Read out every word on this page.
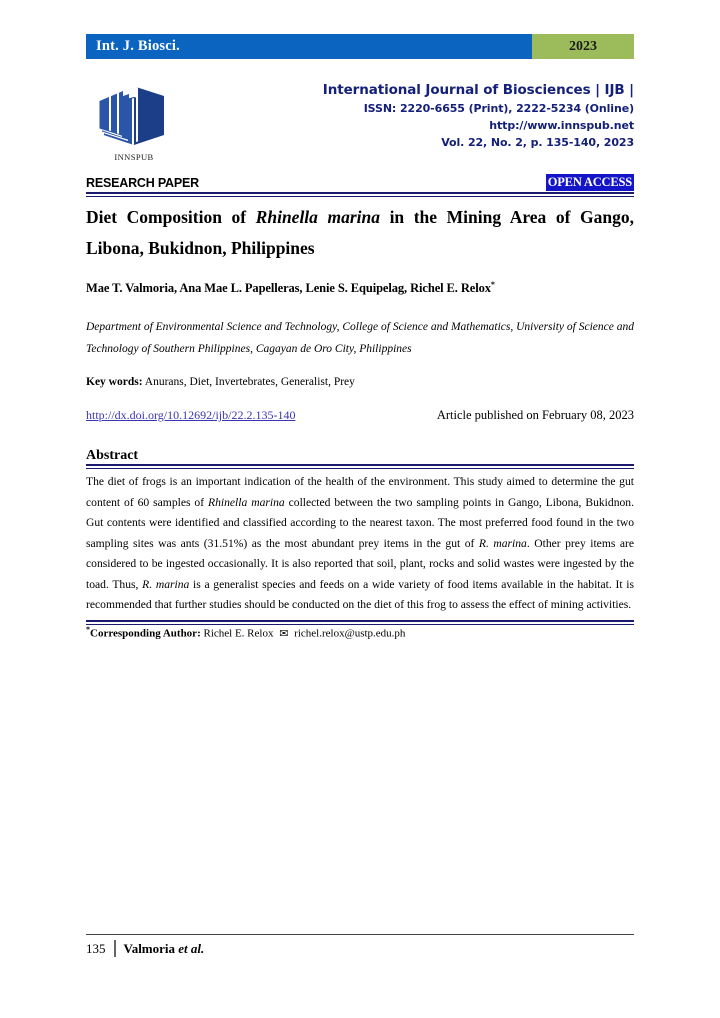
Int. J. Biosci.	2023
INNSPUB
International Journal of Biosciences | IJB |
ISSN: 2220-6655 (Print), 2222-5234 (Online)
http://www.innspub.net
Vol. 22, No. 2, p. 135-140, 2023
RESEARCH PAPER	OPEN ACCESS
Diet Composition of Rhinella marina in the Mining Area of Gango, Libona, Bukidnon, Philippines
Mae T. Valmoria, Ana Mae L. Papelleras, Lenie S. Equipelag, Richel E. Relox*
Department of Environmental Science and Technology, College of Science and Mathematics, University of Science and Technology of Southern Philippines, Cagayan de Oro City, Philippines
Key words: Anurans, Diet, Invertebrates, Generalist, Prey
http://dx.doi.org/10.12692/ijb/22.2.135-140	Article published on February 08, 2023
Abstract
The diet of frogs is an important indication of the health of the environment. This study aimed to determine the gut content of 60 samples of Rhinella marina collected between the two sampling points in Gango, Libona, Bukidnon. Gut contents were identified and classified according to the nearest taxon. The most preferred food found in the two sampling sites was ants (31.51%) as the most abundant prey items in the gut of R. marina. Other prey items are considered to be ingested occasionally. It is also reported that soil, plant, rocks and solid wastes were ingested by the toad. Thus, R. marina is a generalist species and feeds on a wide variety of food items available in the habitat. It is recommended that further studies should be conducted on the diet of this frog to assess the effect of mining activities.
*Corresponding Author: Richel E. Relox ✉ richel.relox@ustp.edu.ph
135	Valmoria et al.
